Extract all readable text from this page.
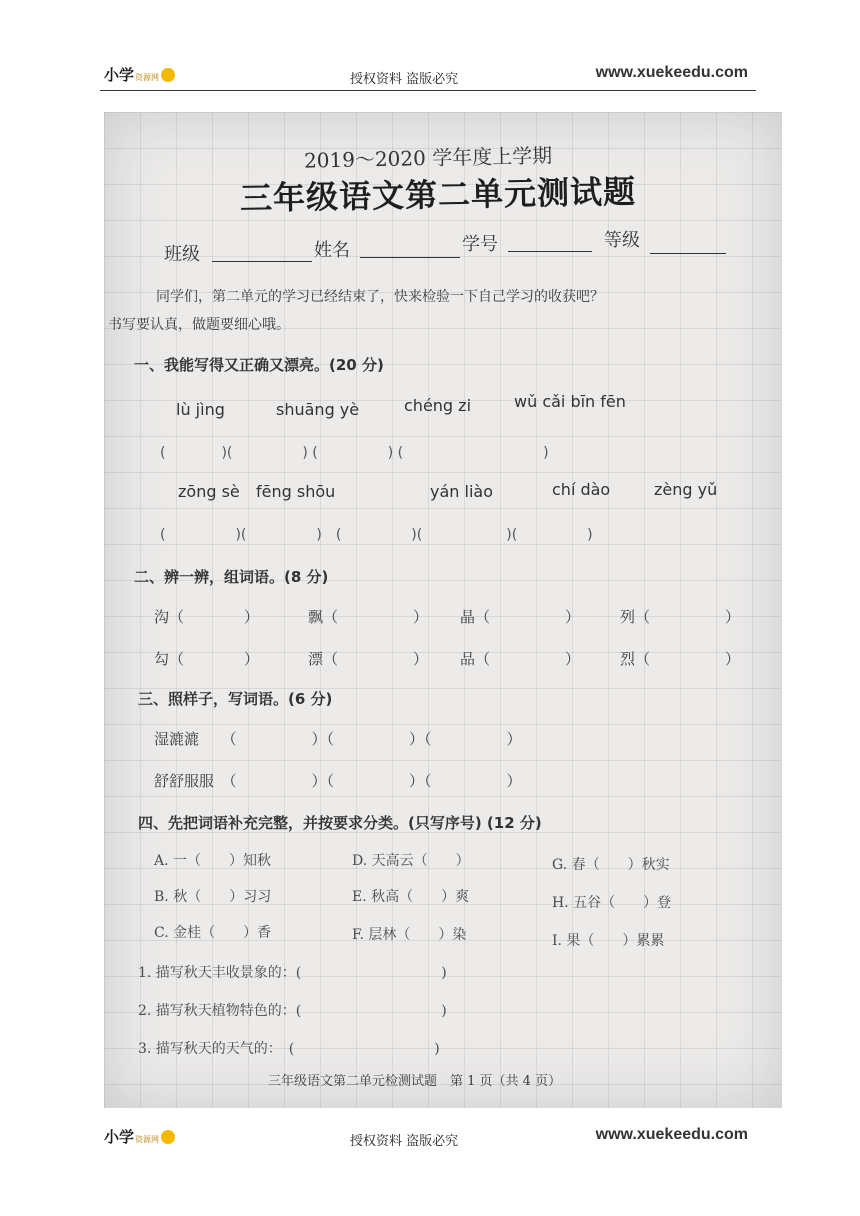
小学资源网	授权资料 盗版必究	www.xuekeedu.com
2019～2020 学年度上学期
三年级语文第二单元测试题
班级	姓名	学号	等级
同学们，第二单元的学习已经结束了，快来检验一下自己学习的收获吧？
书写要认真，做题要细心哦。
一、我能写得又正确又漂亮。(20 分)
lù jìng	shuāng yè	chéng zi	wǔ cǎi bīn fēn
(　　　　)(　　　　　) (　　　　　) (　　　　　　　　　　)
zōng sè fēng shōu	yán liào	chí dào	zèng yǔ
(　　　　　)(　　　　　)　(　　　　　)(　　　　　　)(　　　　　)
二、辨一辨，组词语。(8 分)
沟（　　　　）	飘（　　　　　） 晶（　　　　　）	列（　　　　　）
勾（　　　　）	漂（　　　　　） 品（　　　　　）	烈（　　　　　）
三、照样子，写词语。(6 分)
湿漉漉　　（　　　　　）（　　　　　）（　　　　　）
舒舒服服　（　　　　　）（　　　　　）（　　　　　）
四、先把词语补充完整，并按要求分类。(只写序号) (12 分)
A. 一（　　）知秋	D. 天高云（　　）	G. 春（　　）秋实
B. 秋（　　）习习	E. 秋高（　　）爽	H. 五谷（　　）登
C. 金桂（　　）香	F. 层林（　　）染	I. 果（　　）累累
1. 描写秋天丰收景象的：(　　　　　　　　　　)
2. 描写秋天植物特色的：(　　　　　　　　　　)
3. 描写秋天的天气的：　(　　　　　　　　　　)
三年级语文第二单元检测试题　第 1 页（共 4 页）
小学资源网	授权资料 盗版必究	www.xuekeedu.com
